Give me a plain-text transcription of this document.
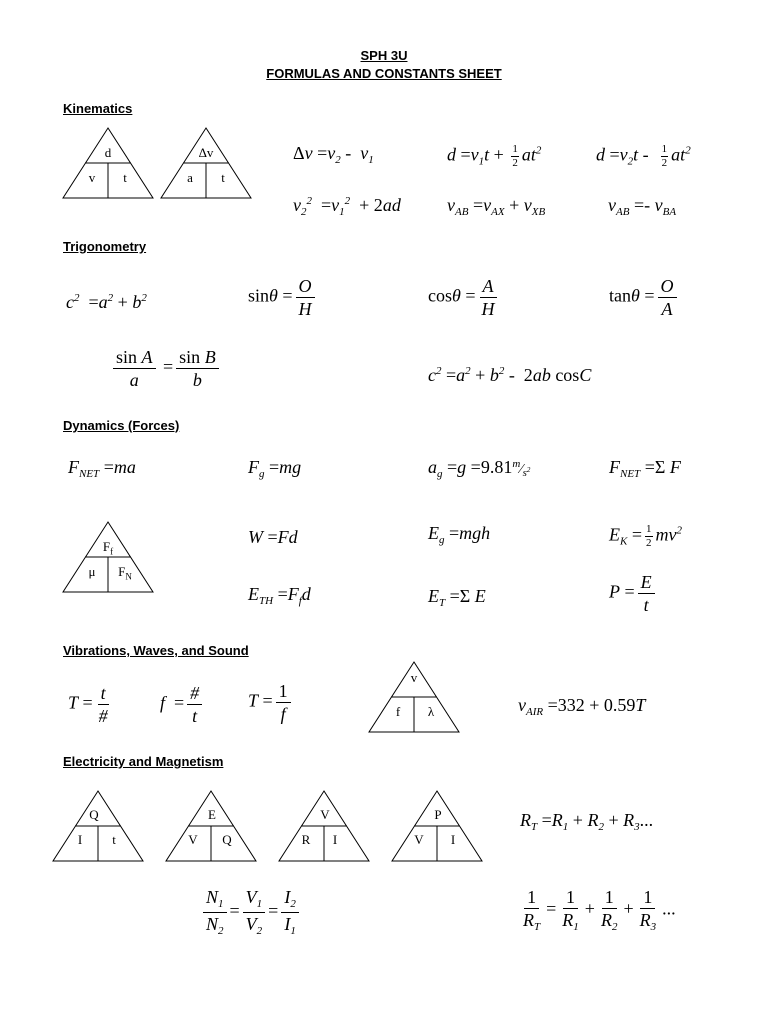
SPH 3U
FORMULAS AND CONSTANTS SHEET
Kinematics
d
v	t
Δv
a	t
$\Delta v =v_2 - v_1$	$d =v_1t + \frac{1}{2} at^2$	$d =v_2t - \frac{1}{2} at^2$
$v_2^2 =v_1^2 + 2ad$	$v_{AB} =v_{AX} + v_{XB}$	$v_{AB} =- v_{BA}$
Trigonometry
$c^2 =a^2 + b^2$	$\sin\theta = \frac{O}{H}$	$\cos\theta = \frac{A}{H}$	$\tan\theta = \frac{O}{A}$
$\frac{\text{sin A}}{a} = \frac{\text{sin B}}{b}$	$c^2 =a^2 + b^2 - 2ab$ cosC
Dynamics (Forces)
$F_{NET} =ma$	$F_g =mg$	$a_g =g$ $=9.81^m⁄s^2$	$F_{NET} =\Sigma$ F
$F_f$
μ	$F_N$
W =Fd	$E_g =mgh$	$E_K = \frac{1}{2} mv^2$
$E_{TH} =F_fd$	$E_T =\Sigma$ E	$P = \frac{E}{t}$
Vibrations, Waves, and Sound
$T = \frac{t}{\#}$	$f = \frac{\#}{t}$	$T = \frac{1}{f}$
v
f	λ	$v_{AIR} =332 + 0.59T$
Electricity and Magnetism
Q
I	t
E
V	Q
V
R	I
P
V	I
$R_T =R_1 + R_2 + R_3$...
$\frac{N_1}{N_2} = \frac{V_1}{V_2} = \frac{I_2}{I_1}$	$\frac{1}{R_T} = \frac{1}{R_1} + \frac{1}{R_2} + \frac{1}{R_3}$ ...
